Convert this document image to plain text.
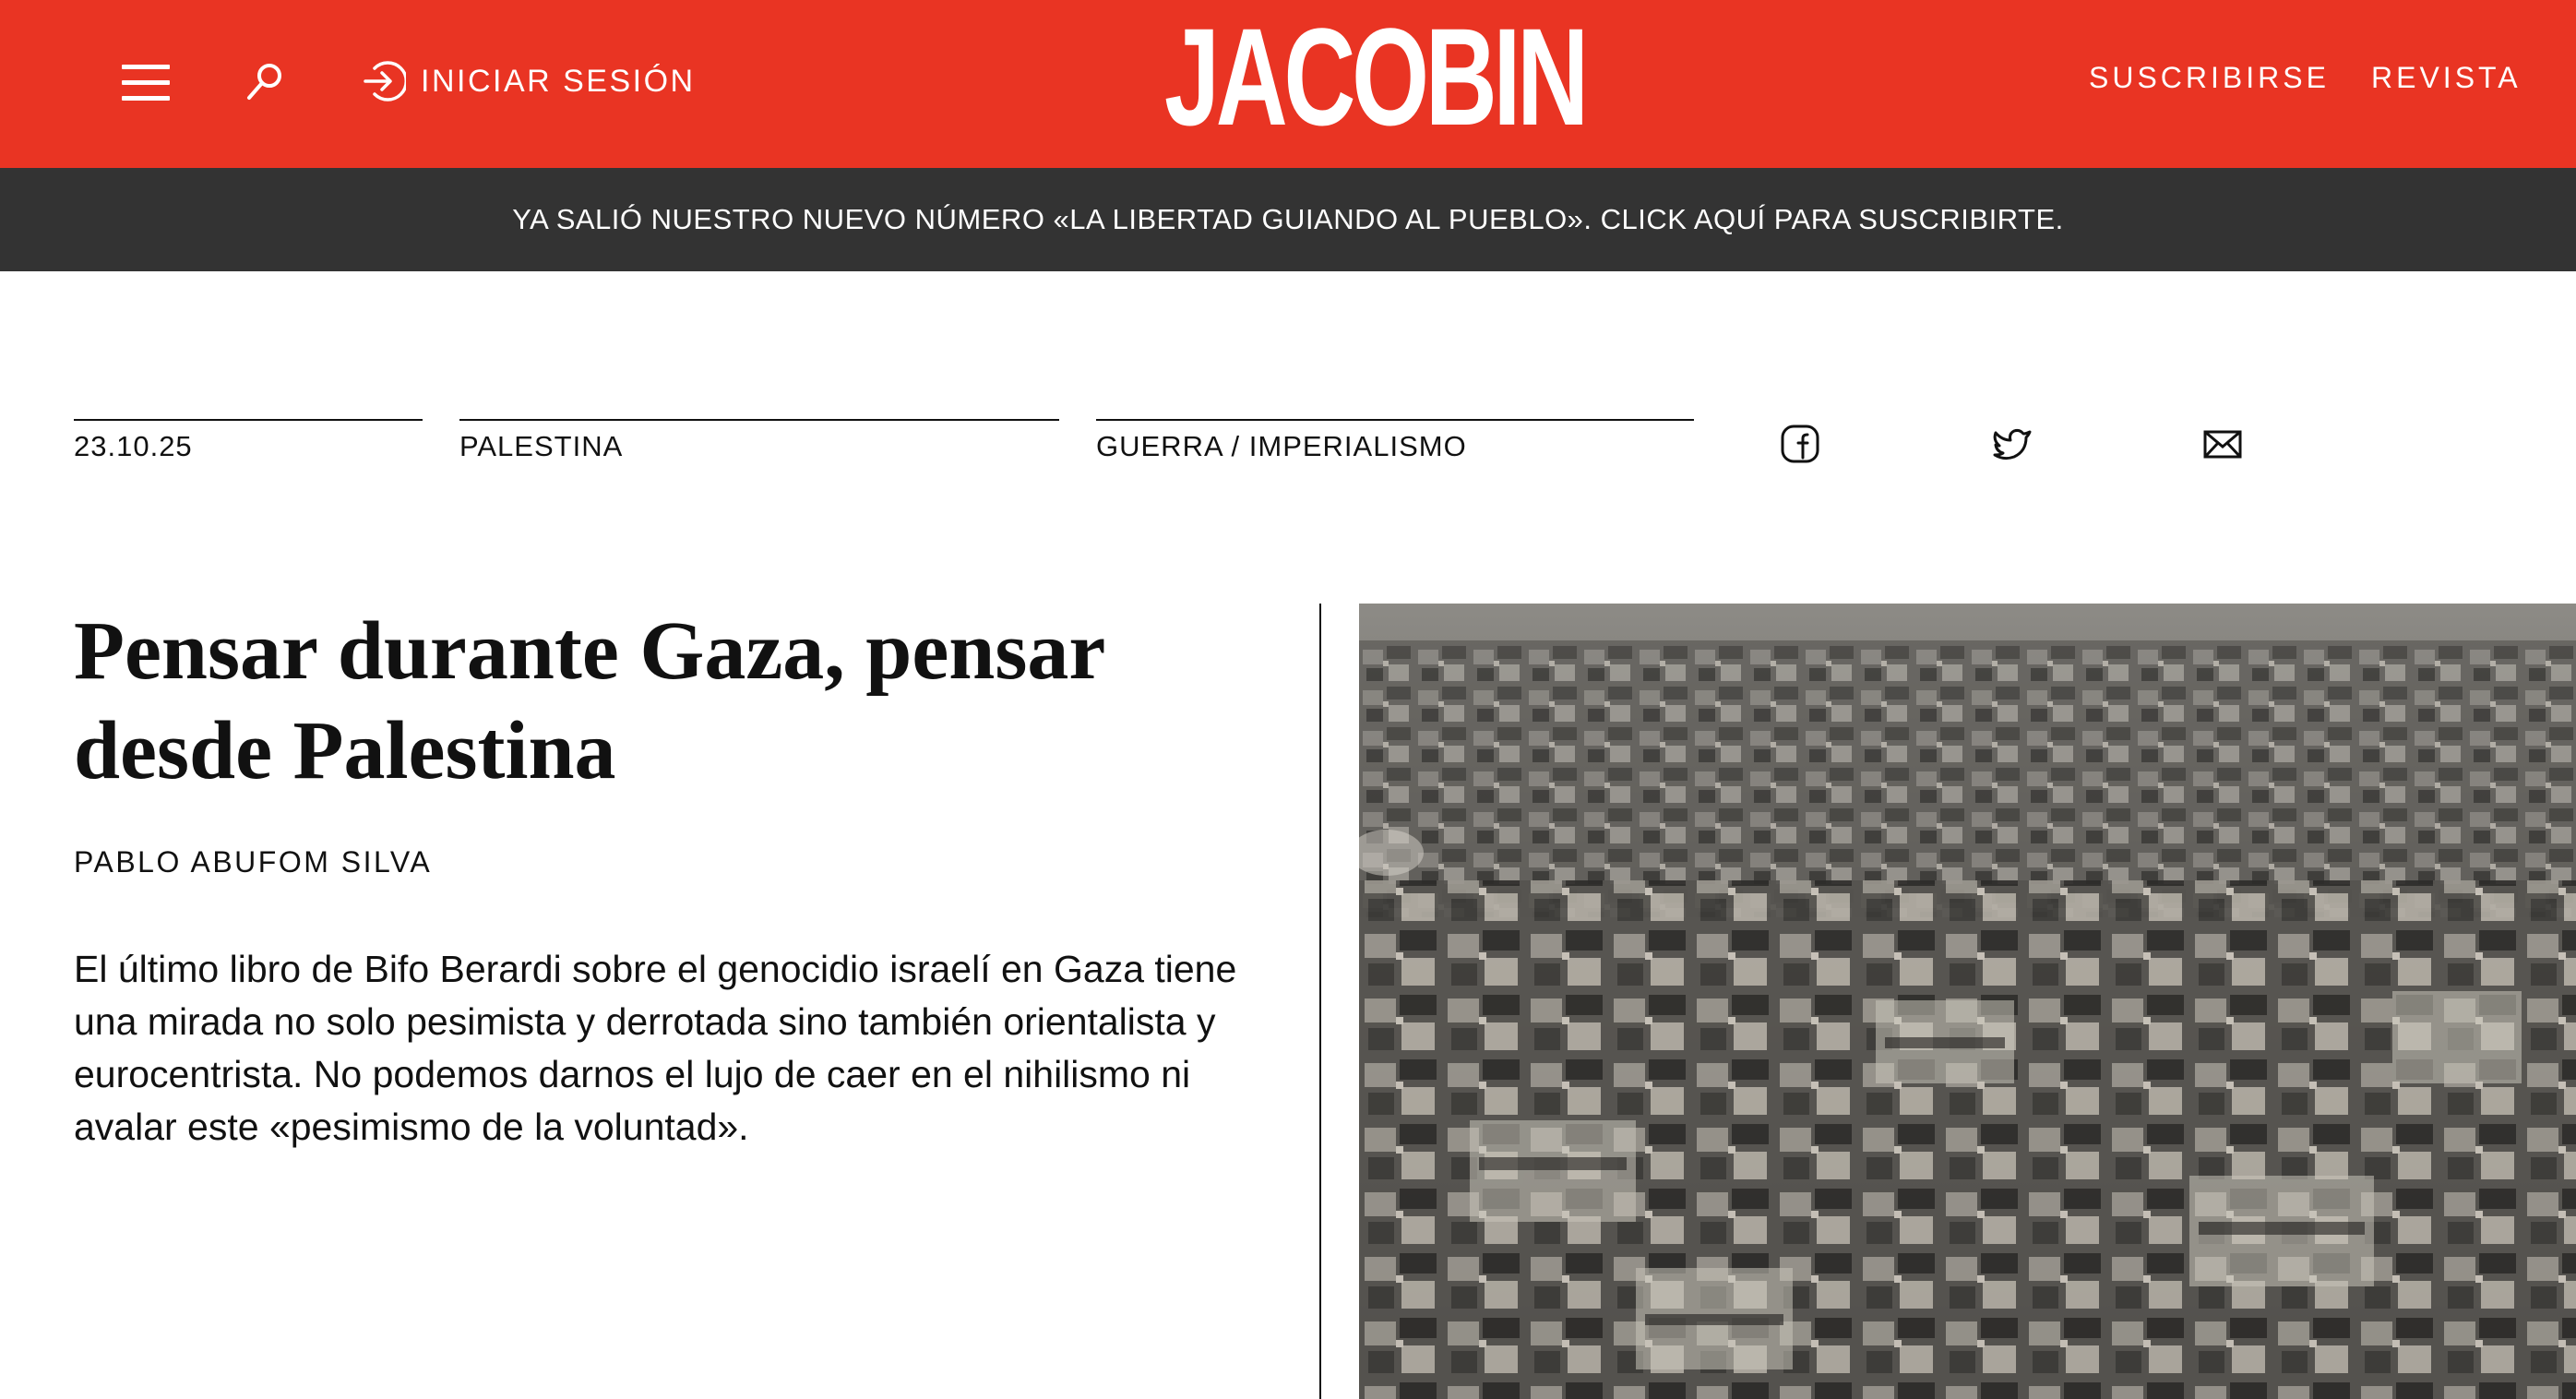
INICIAR SESIÓN	JACOBIN	SUSCRIBIRSE REVISTA
YA SALIÓ NUESTRO NUEVO NÚMERO «LA LIBERTAD GUIANDO AL PUEBLO». CLICK AQUÍ PARA SUSCRIBIRTE.
23.10.25	PALESTINA	GUERRA / IMPERIALISMO
Pensar durante Gaza, pensar desde Palestina
PABLO ABUFOM SILVA

El último libro de Bifo Berardi sobre el genocidio israelí en Gaza tiene una mirada no solo pesimista y derrotada sino también orientalista y eurocentrista. No podemos darnos el lujo de caer en el nihilismo ni avalar este «pesimismo de la voluntad».
